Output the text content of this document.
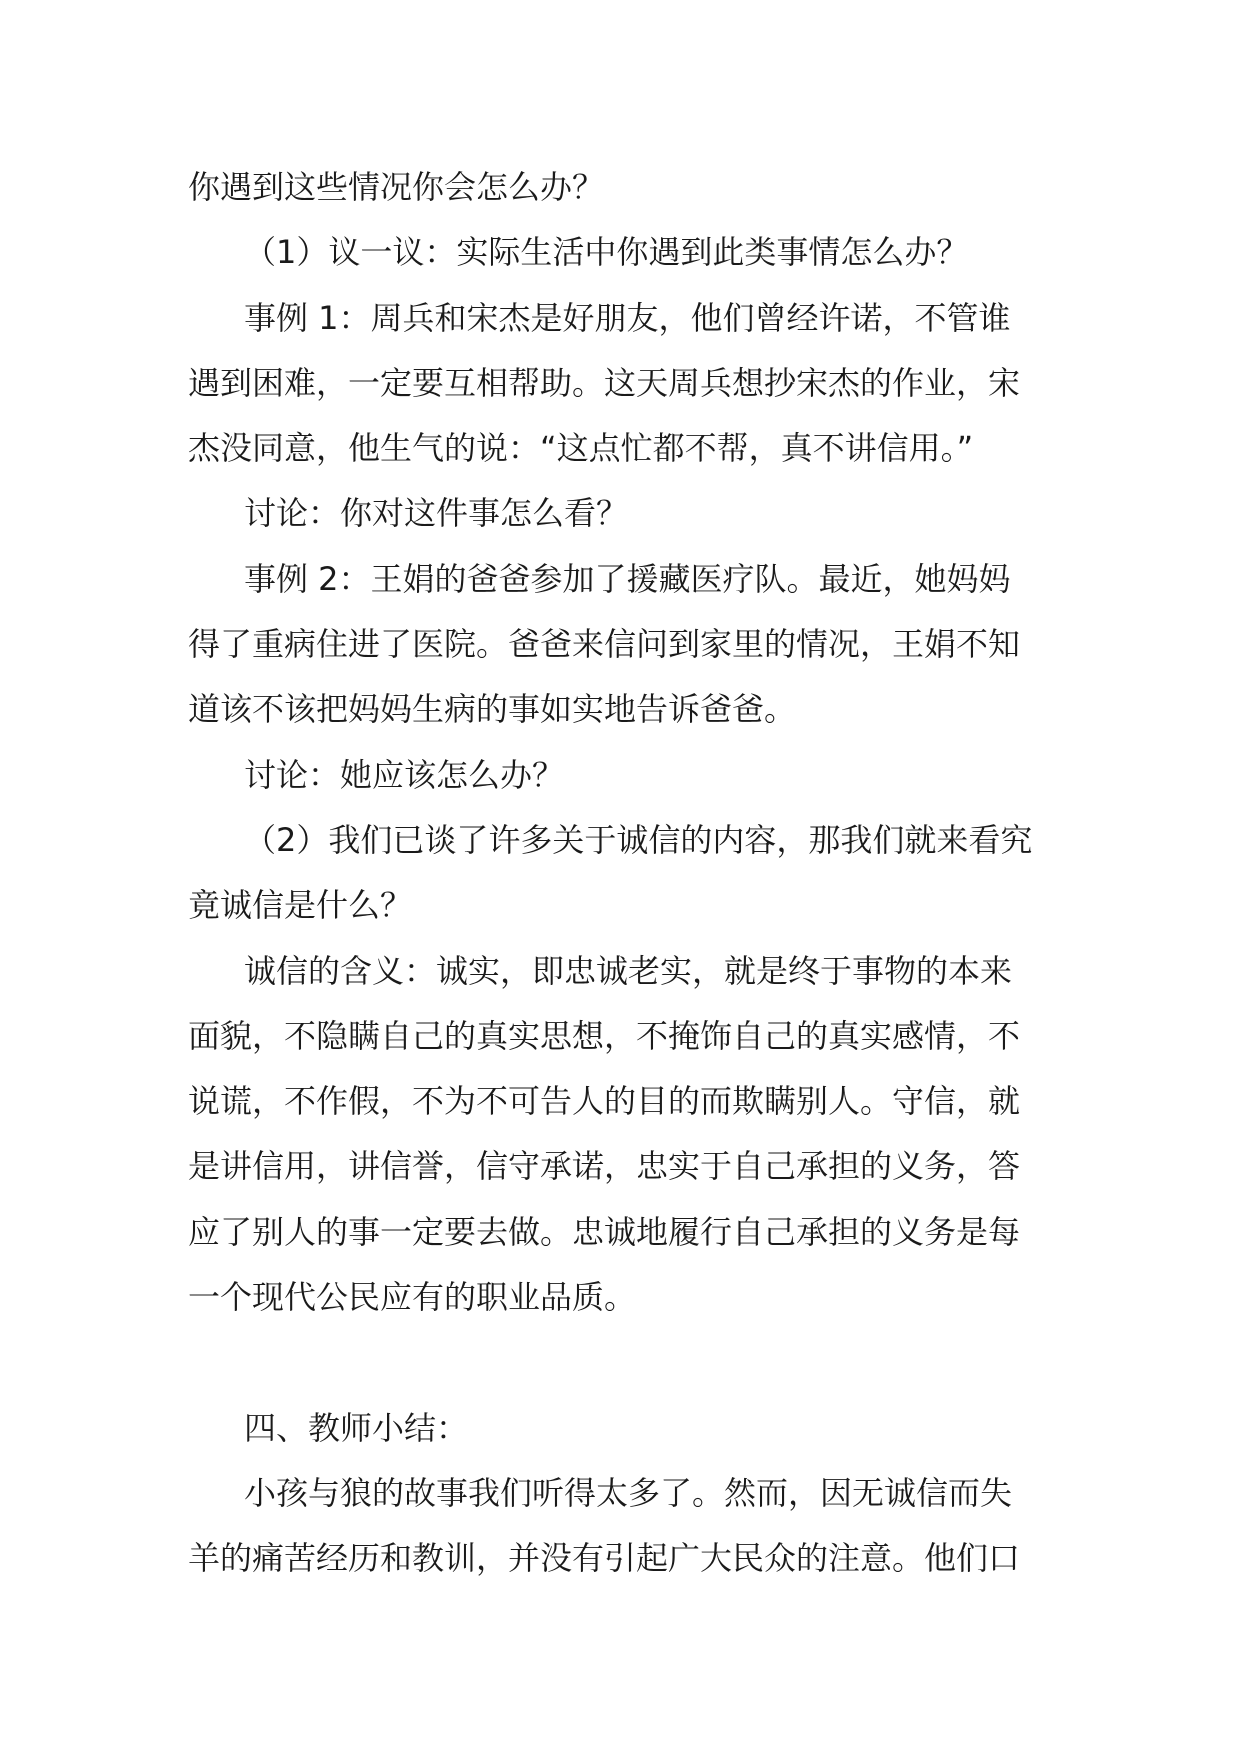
你遇到这些情况你会怎么办？
（1）议一议：实际生活中你遇到此类事情怎么办？
事例 1：周兵和宋杰是好朋友，他们曾经许诺，不管谁
遇到困难，一定要互相帮助。这天周兵想抄宋杰的作业，宋
杰没同意，他生气的说：“这点忙都不帮，真不讲信用。”
讨论：你对这件事怎么看？
事例 2：王娟的爸爸参加了援藏医疗队。最近，她妈妈
得了重病住进了医院。爸爸来信问到家里的情况，王娟不知
道该不该把妈妈生病的事如实地告诉爸爸。
讨论：她应该怎么办？
（2）我们已谈了许多关于诚信的内容，那我们就来看究
竟诚信是什么？
诚信的含义：诚实，即忠诚老实，就是终于事物的本来
面貌，不隐瞒自己的真实思想，不掩饰自己的真实感情，不
说谎，不作假，不为不可告人的目的而欺瞒别人。守信，就
是讲信用，讲信誉，信守承诺，忠实于自己承担的义务，答
应了别人的事一定要去做。忠诚地履行自己承担的义务是每
一个现代公民应有的职业品质。
四、教师小结：
小孩与狼的故事我们听得太多了。然而，因无诚信而失
羊的痛苦经历和教训，并没有引起广大民众的注意。他们口
